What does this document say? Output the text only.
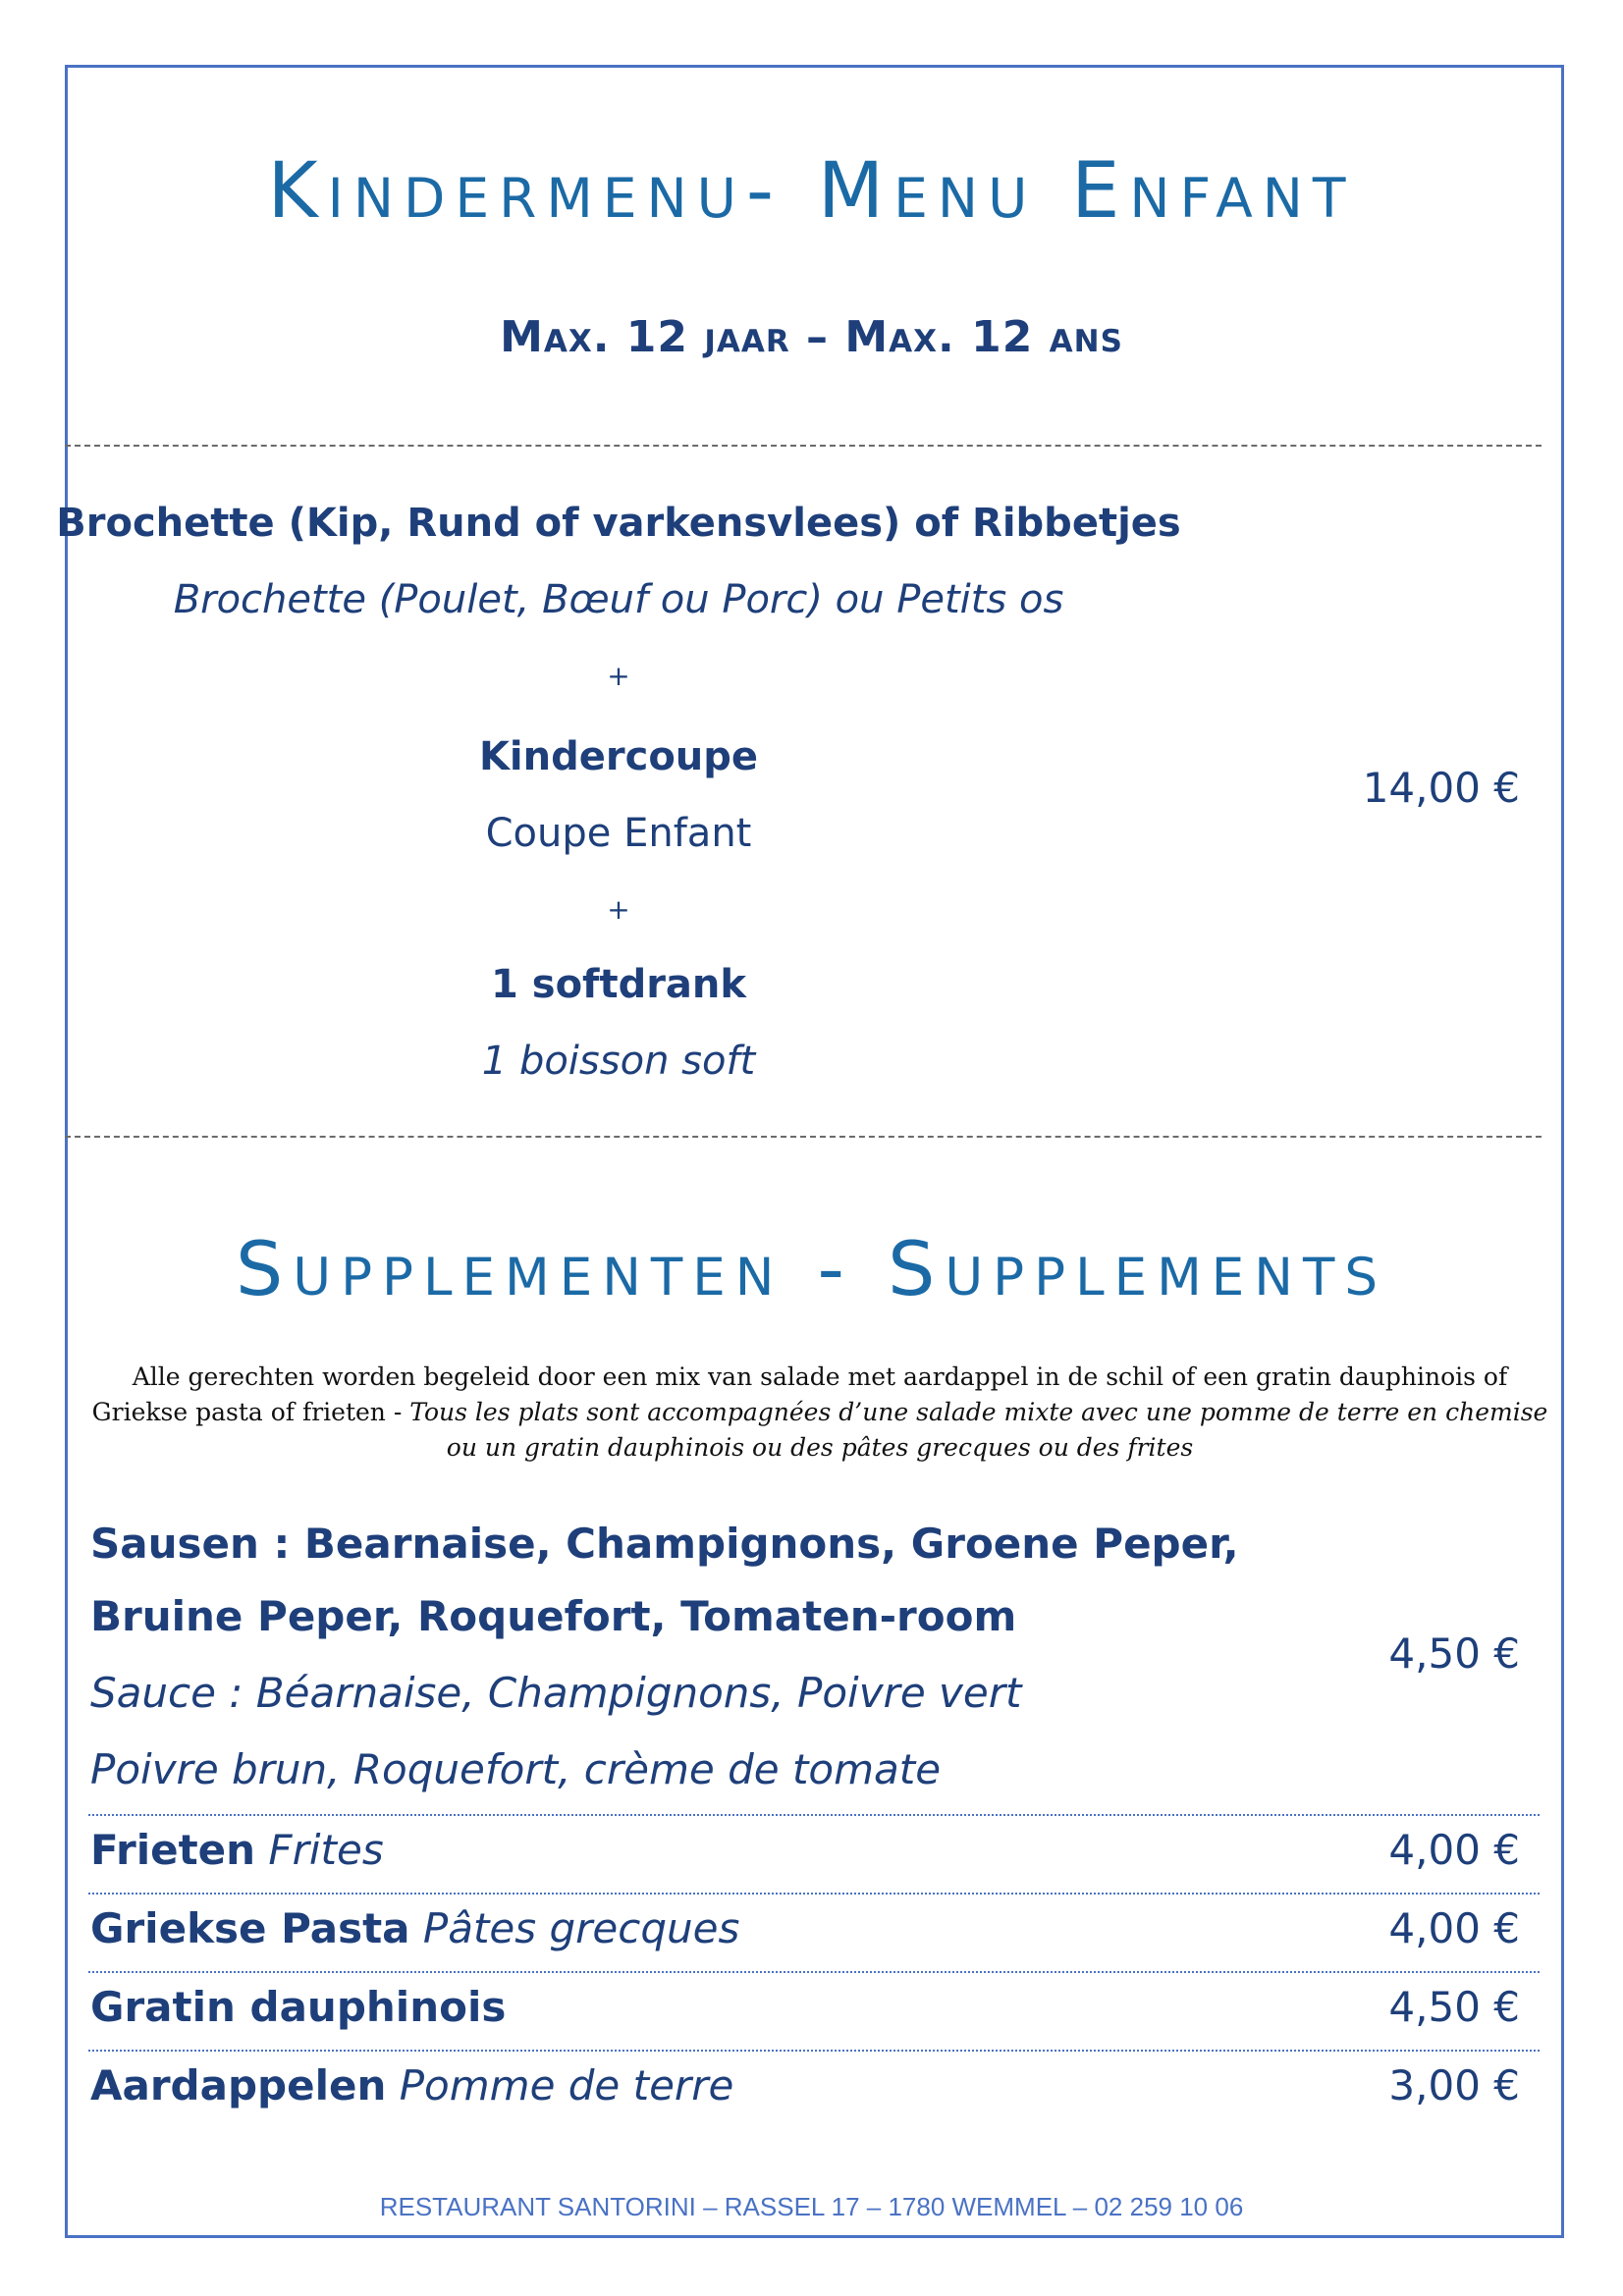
Kindermenu- Menu Enfant
Max. 12 jaar – Max. 12 ans
Brochette (Kip, Rund of varkensvlees) of Ribbetjes
Brochette (Poulet, Bœuf ou Porc) ou Petits os
+
Kindercoupe
Coupe Enfant
+
1 softdrank
1 boisson soft
14,00 €
Supplementen - Supplements
Alle gerechten worden begeleid door een mix van salade met aardappel in de schil of een gratin dauphinois of Griekse pasta of frieten - Tous les plats sont accompagnées d’une salade mixte avec une pomme de terre en chemise ou un gratin dauphinois ou des pâtes grecques ou des frites
Sausen : Bearnaise, Champignons, Groene Peper,
Bruine Peper, Roquefort, Tomaten-room
Sauce : Béarnaise, Champignons, Poivre vert
Poivre brun, Roquefort, crème de tomate
4,50 €
Frieten Frites	4,00 €
Griekse Pasta Pâtes grecques	4,00 €
Gratin dauphinois	4,50 €
Aardappelen Pomme de terre	3,00 €
RESTAURANT SANTORINI – RASSEL 17 – 1780 WEMMEL – 02 259 10 06
